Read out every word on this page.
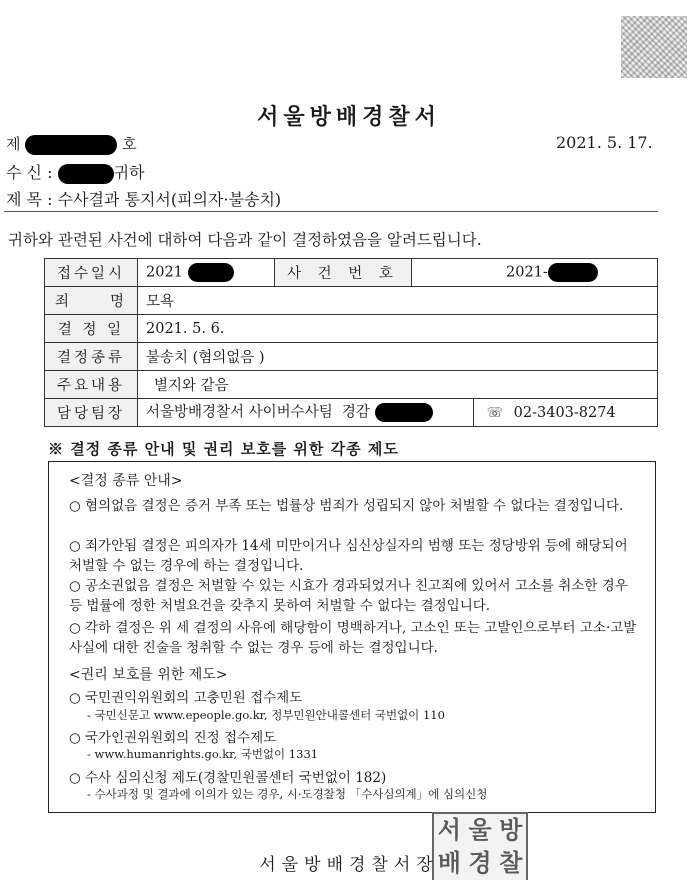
서울방배경찰서
제	호	2021. 5. 17.
수 신 :	귀하
제 목 : 수사결과 통지서(피의자·불송치)
귀하와 관련된 사건에 대하여 다음과 같이 결정하였음을 알려드립니다.
접수일시	2021	사 건 번 호	2021-
죄     명	모욕		
결 정 일	2021. 5. 6.		
결정종류	불송치 (혐의없음 )		
주요내용	별지와 같음		
담당팀장	서울방배경찰서 사이버수사팀  경감 ☏ 02-3403-8274		
※ 결정 종류 안내 및 권리 보호를 위한 각종 제도
<결정 종류 안내>
○ 혐의없음 결정은 증거 부족 또는 법률상 범죄가 성립되지 않아 처벌할 수 없다는 결정입니다.
○ 죄가안됨 결정은 피의자가 14세 미만이거나 심신상실자의 범행 또는 정당방위 등에 해당되어 처벌할 수 없는 경우에 하는 결정입니다.
○ 공소권없음 결정은 처벌할 수 있는 시효가 경과되었거나 친고죄에 있어서 고소를 취소한 경우 등 법률에 정한 처벌요건을 갖추지 못하여 처벌할 수 없다는 결정입니다.
○ 각하 결정은 위 세 결정의 사유에 해당함이 명백하거나, 고소인 또는 고발인으로부터 고소·고발 사실에 대한 진술을 청취할 수 없는 경우 등에 하는 결정입니다.
<권리 보호를 위한 제도>
○ 국민권익위원회의 고충민원 접수제도
- 국민신문고 www.epeople.go.kr, 정부민원안내콜센터 국번없이 110
○ 국가인권위원회의 진정 접수제도
- www.humanrights.go.kr, 국번없이 1331
○ 수사 심의신청 제도(경찰민원콜센터 국번없이 182)
- 수사과정 및 결과에 이의가 있는 경우, 시·도경찰청 「수사심의계」에 심의신청
서 울 방
배 경 찰
서울방배경찰서장
